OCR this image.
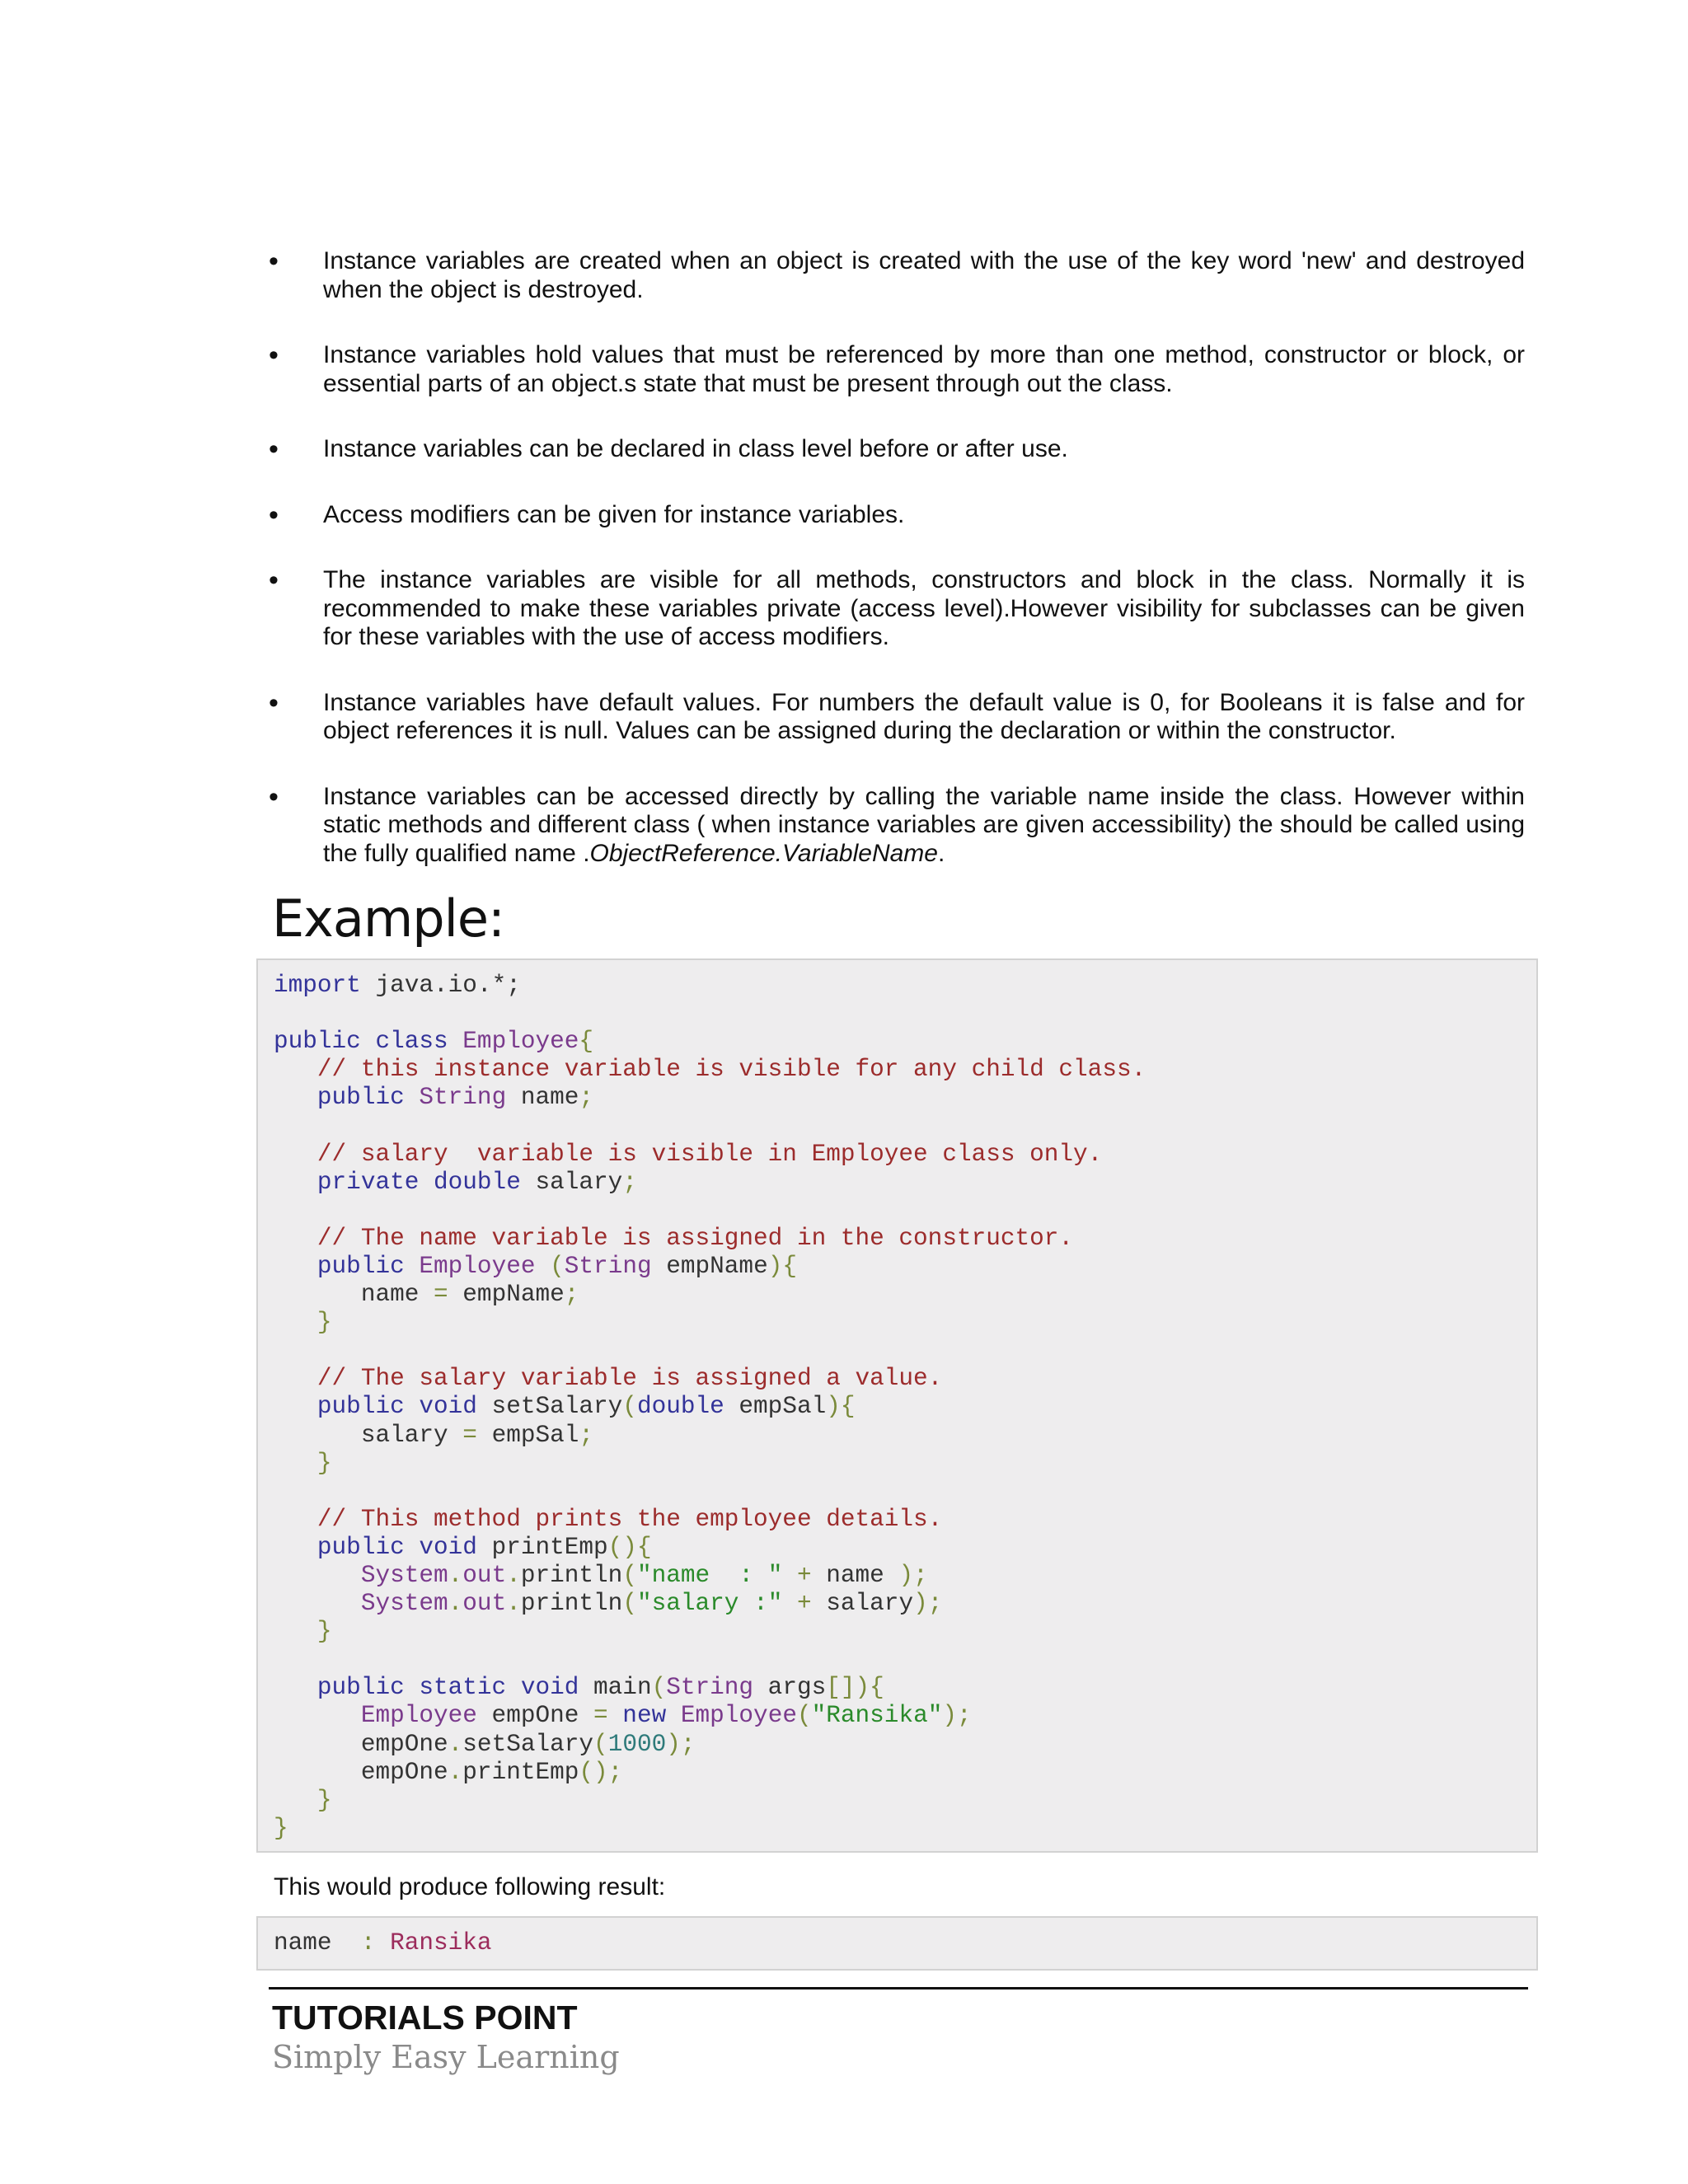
• Instance variables are created when an object is created with the use of the key word 'new' and destroyed when the object is destroyed.
• Instance variables hold values that must be referenced by more than one method, constructor or block, or essential parts of an object.s state that must be present through out the class.
• Instance variables can be declared in class level before or after use.
• Access modifiers can be given for instance variables.
• The instance variables are visible for all methods, constructors and block in the class. Normally it is recommended to make these variables private (access level).However visibility for subclasses can be given for these variables with the use of access modifiers.
• Instance variables have default values. For numbers the default value is 0, for Booleans it is false and for object references it is null. Values can be assigned during the declaration or within the constructor.
• Instance variables can be accessed directly by calling the variable name inside the class. However within static methods and different class ( when instance variables are given accessibility) the should be called using the fully qualified name .ObjectReference.VariableName.
Example:
import java.io.*;

public class Employee{
// this instance variable is visible for any child class.
public String name;

// salary  variable is visible in Employee class only.
private double salary;

// The name variable is assigned in the constructor.
public Employee (String empName){
name = empName;
}

// The salary variable is assigned a value.
public void setSalary(double empSal){
salary = empSal;
}

// This method prints the employee details.
public void printEmp(){
System.out.println("name  : " + name );
System.out.println("salary :" + salary);
}

public static void main(String args[]){
Employee empOne = new Employee("Ransika");
empOne.setSalary(1000);
empOne.printEmp();
}
}
This would produce following result:
name  : Ransika
TUTORIALS POINT
Simply Easy Learning
